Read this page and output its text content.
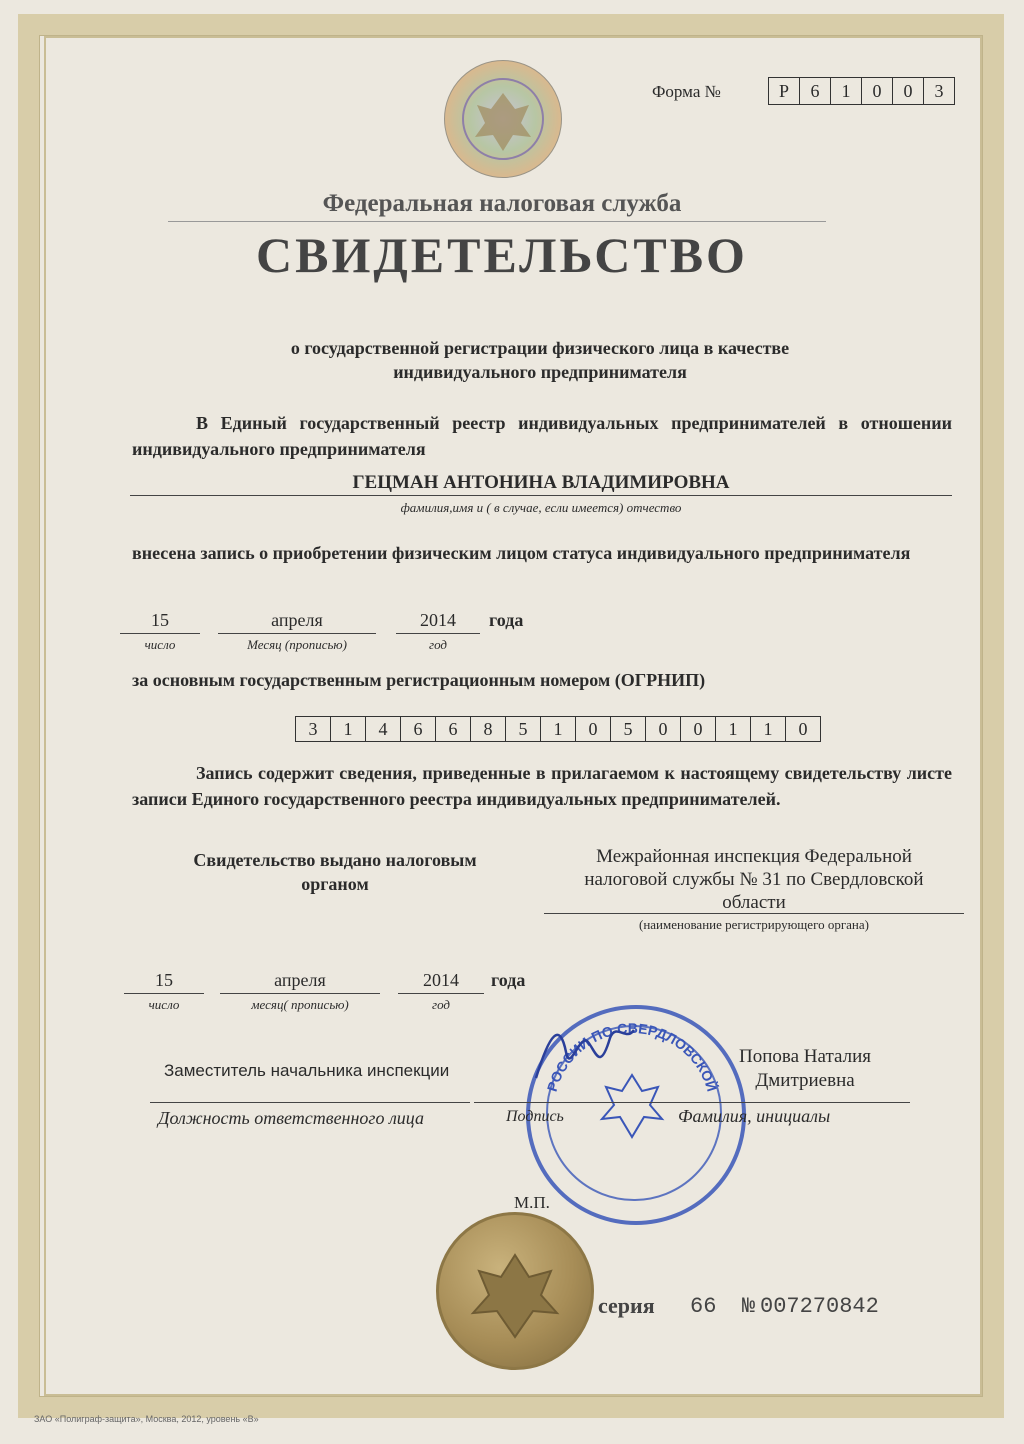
Форма №	Р	6	1	0	0	3
Федеральная налоговая служба
СВИДЕТЕЛЬСТВО
о государственной регистрации физического лица в качестве
индивидуального предпринимателя
В Единый государственный реестр индивидуальных предпринимателей в отношении индивидуального предпринимателя
ГЕЦМАН АНТОНИНА ВЛАДИМИРОВНА
фамилия,имя и ( в случае, если имеется) отчество
внесена запись о приобретении физическим лицом статуса индивидуального предпринимателя
15
число
апреля
Месяц (прописью)
2014
год
года
за основным государственным регистрационным номером (ОГРНИП)
3	1	4	6	6	8	5	1	0	5	0	0	1	1	0
Запись содержит сведения, приведенные в прилагаемом к настоящему свидетельству листе записи Единого государственного реестра индивидуальных предпринимателей.
Свидетельство выдано налоговым
органом
Межрайонная инспекция Федеральной
налоговой службы № 31 по Свердловской
области
(наименование регистрирующего органа)
15
число
апреля
месяц( прописью)
2014
год
года
РОССИИ ПО СВЕРДЛОВСКОЙ
Заместитель начальника инспекции
Должность ответственного лица	Подпись
Попова Наталия
Дмитриевна
Фамилия, инициалы
М.П.
серия 66 № 007270842
ЗАО «Полиграф-защита», Москва, 2012, уровень «В»
